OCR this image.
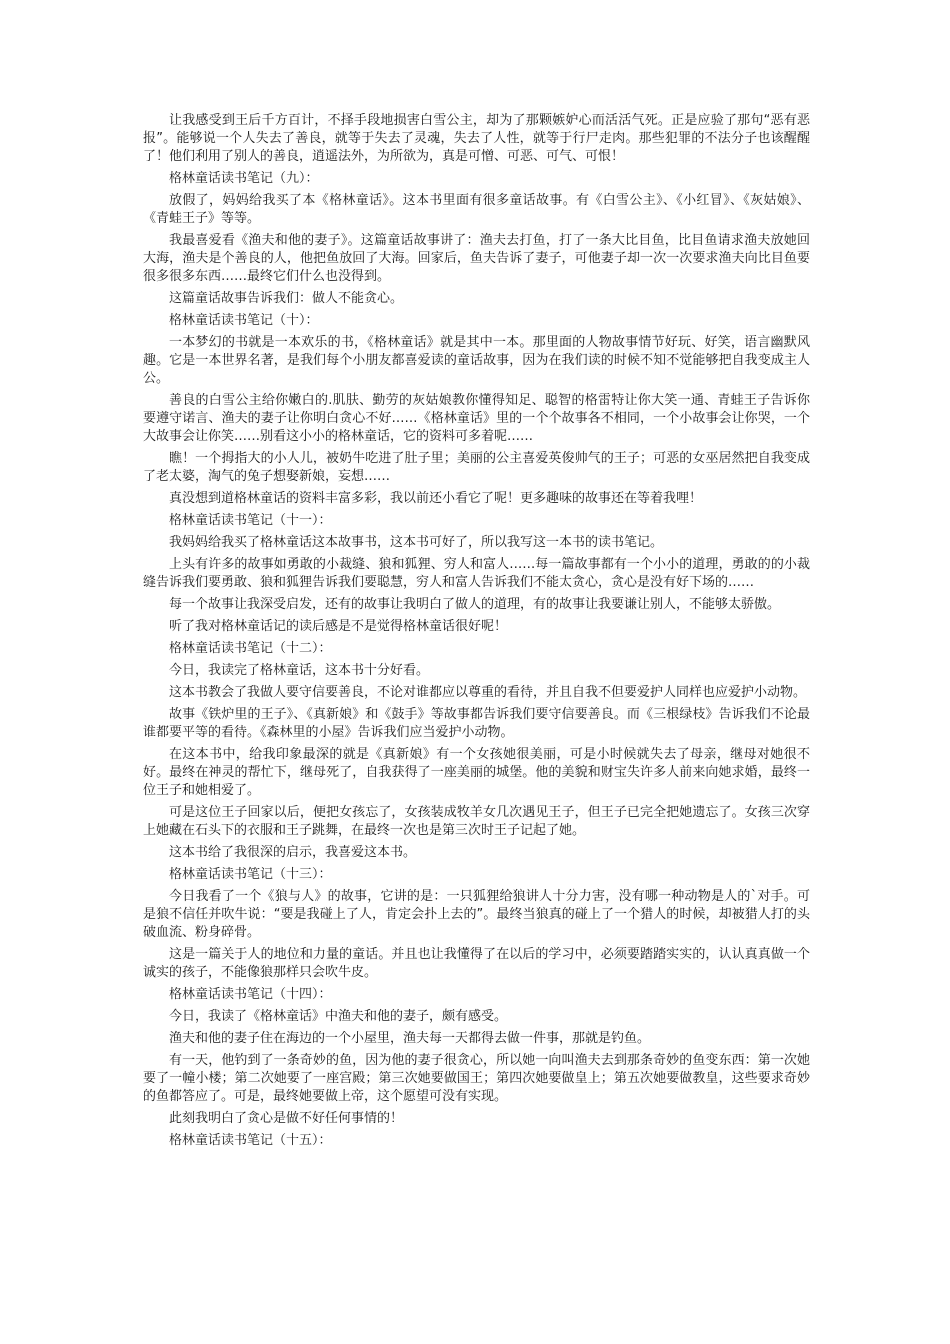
让我感受到王后千方百计，不择手段地损害白雪公主，却为了那颗嫉妒心而活活气死。正是应验了那句“恶有恶报”。能够说一个人失去了善良，就等于失去了灵魂，失去了人性，就等于行尸走肉。那些犯罪的不法分子也该醒醒了！他们利用了别人的善良，逍遥法外，为所欲为，真是可憎、可恶、可气、可恨！

格林童话读书笔记（九）：

放假了，妈妈给我买了本《格林童话》。这本书里面有很多童话故事。有《白雪公主》、《小红冒》、《灰姑娘》、《青蛙王子》等等。

我最喜爱看《渔夫和他的妻子》。这篇童话故事讲了：渔夫去打鱼，打了一条大比目鱼，比目鱼请求渔夫放她回大海，渔夫是个善良的人，他把鱼放回了大海。回家后，鱼夫告诉了妻子，可他妻子却一次一次要求渔夫向比目鱼要很多很多东西……最终它们什么也没得到。

这篇童话故事告诉我们：做人不能贪心。

格林童话读书笔记（十）：

一本梦幻的书就是一本欢乐的书，《格林童话》就是其中一本。那里面的人物故事情节好玩、好笑，语言幽默风趣。它是一本世界名著，是我们每个小朋友都喜爱读的童话故事，因为在我们读的时候不知不觉能够把自我变成主人公。

善良的白雪公主给你嫩白的.肌肤、勤劳的灰姑娘教你懂得知足、聪智的格雷特让你大笑一通、青蛙王子告诉你要遵守诺言、渔夫的妻子让你明白贪心不好……《格林童话》里的一个个故事各不相同，一个小故事会让你哭，一个大故事会让你笑……别看这小小的格林童话，它的资料可多着呢……

瞧！一个拇指大的小人儿，被奶牛吃进了肚子里；美丽的公主喜爱英俊帅气的王子；可恶的女巫居然把自我变成了老太婆，淘气的兔子想娶新娘，妄想……

真没想到道格林童话的资料丰富多彩，我以前还小看它了呢！更多趣味的故事还在等着我哩！

格林童话读书笔记（十一）：

我妈妈给我买了格林童话这本故事书，这本书可好了，所以我写这一本书的读书笔记。

上头有许多的故事如勇敢的小裁缝、狼和狐狸、穷人和富人……每一篇故事都有一个小小的道理，勇敢的的小裁缝告诉我们要勇敢、狼和狐狸告诉我们要聪慧，穷人和富人告诉我们不能太贪心，贪心是没有好下场的……

每一个故事让我深受启发，还有的故事让我明白了做人的道理，有的故事让我要谦让别人，不能够太骄傲。

听了我对格林童话记的读后感是不是觉得格林童话很好呢！

格林童话读书笔记（十二）：

今日，我读完了格林童话，这本书十分好看。

这本书教会了我做人要守信要善良，不论对谁都应以尊重的看待，并且自我不但要爱护人同样也应爱护小动物。

故事《铁炉里的王子》、《真新娘》和《鼓手》等故事都告诉我们要守信要善良。而《三根绿枝》告诉我们不论最谁都要平等的看待。《森林里的小屋》告诉我们应当爱护小动物。

在这本书中，给我印象最深的就是《真新娘》有一个女孩她很美丽，可是小时候就失去了母亲，继母对她很不好。最终在神灵的帮忙下，继母死了，自我获得了一座美丽的城堡。他的美貌和财宝失许多人前来向她求婚，最终一位王子和她相爱了。

可是这位王子回家以后，便把女孩忘了，女孩装成牧羊女几次遇见王子，但王子已完全把她遗忘了。女孩三次穿上她藏在石头下的衣服和王子跳舞，在最终一次也是第三次时王子记起了她。

这本书给了我很深的启示，我喜爱这本书。

格林童话读书笔记（十三）：

今日我看了一个《狼与人》的故事，它讲的是：一只狐狸给狼讲人十分力害，没有哪一种动物是人的`对手。可是狼不信任并吹牛说：“要是我碰上了人，肯定会扑上去的”。最终当狼真的碰上了一个猎人的时候，却被猎人打的头破血流、粉身碎骨。

这是一篇关于人的地位和力量的童话。并且也让我懂得了在以后的学习中，必须要踏踏实实的，认认真真做一个诚实的孩子，不能像狼那样只会吹牛皮。

格林童话读书笔记（十四）：

今日，我读了《格林童话》中渔夫和他的妻子，颇有感受。

渔夫和他的妻子住在海边的一个小屋里，渔夫每一天都得去做一件事，那就是钓鱼。

有一天，他钓到了一条奇妙的鱼，因为他的妻子很贪心，所以她一向叫渔夫去到那条奇妙的鱼变东西：第一次她要了一幢小楼；第二次她要了一座宫殿；第三次她要做国王；第四次她要做皇上；第五次她要做教皇，这些要求奇妙的鱼都答应了。可是，最终她要做上帝，这个愿望可没有实现。

此刻我明白了贪心是做不好任何事情的！

格林童话读书笔记（十五）：
